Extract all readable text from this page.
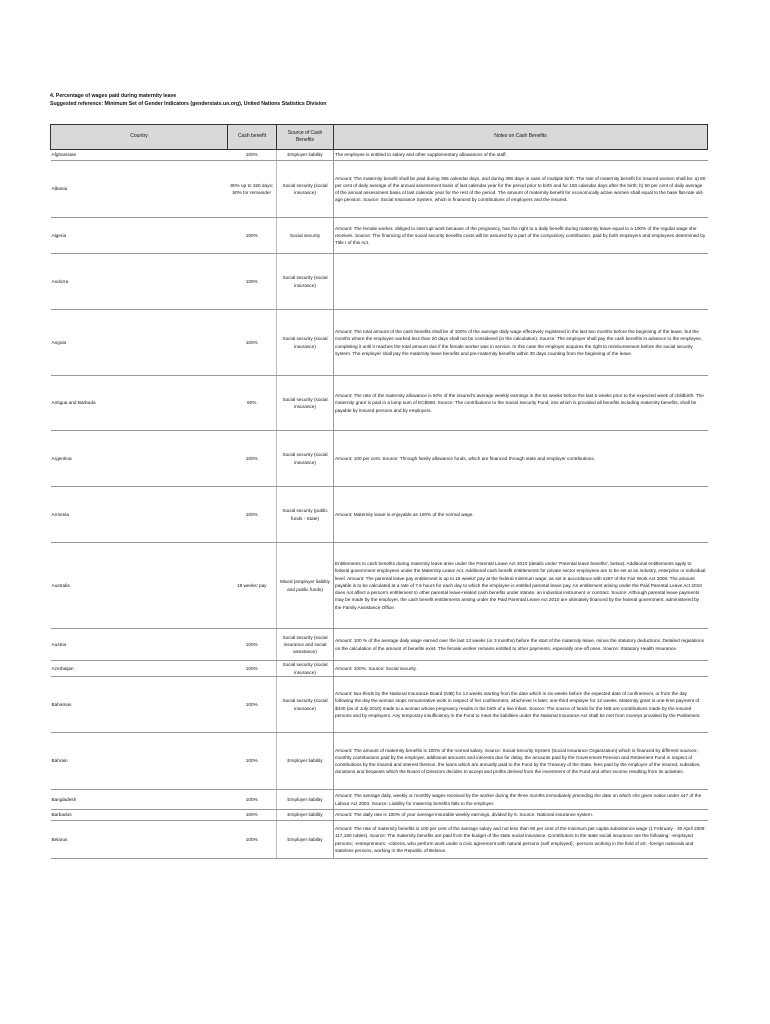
4. Percentage of wages paid during maternity leave
Suggested reference: Minimum Set of Gender Indicators (genderstats.un.org), United Nations Statistics Division
Country	Cash benefit	Source of Cash Benefits	Notes on Cash Benefits
Afghanistan	100%	Employer liability	The employee is entitled to salary and other supplementary allowances of the staff.
Albania	80% up to 150 days; 50% for remainder	Social security (social insurance)	Amount: The maternity benefit shall be paid during 365 calendar days, and during 390 days in case of multiple birth. The rate of maternity benefit for insured women shall be: a) 80 per cent of daily average of the annual assessment basis of last calendar year for the period prior to birth and for 150 calendar days after the birth; b) 50 per cent of daily average of the annual assessment basis of last calendar year for the rest of the period. The amount of maternity benefit for economically active women shall equal to the base flat-rate old-age pension. Source: Social Insurance System, which is financed by contributions of employers and the insured.
Algeria	100%	Social security	Amount: The female worker, obliged to interrupt work because of the pregnancy, has the right to a daily benefit during maternity leave equal to a 100% of the regular wage she receives. Source: The financing of the social security benefits costs will be assured by a part of the compulsory contribution, paid by both employers and employees determined by Title I of this Act.
Andorra	100%	Social security (social insurance)	
Angola	100%	Social security (social insurance)	Amount: The total amount of the cash benefits shall be of 100% of the average daily wage effectively registered in the last two months before the beginning of the leave, but the months where the employee worked less than 20 days shall not be considered (in the calculation). Source: The employer shall pay the cash benefits in advance to the employee, completing it until it reaches the total amount due if the female worker was in service. In this case the employer acquires the right to reimbursement before the social security system. The employer shall pay the maternity leave benefits and pre-maternity benefits within 30 days counting from the beginning of the leave.
Antigua and Barbuda	60%	Social security (social insurance)	Amount: The rate of the maternity allowance is 60% of the insured's average weekly earnings in the 52 weeks before the last 6 weeks prior to the expected week of childbirth. The maternity grant is paid in a lump sum of EC$560. Source: The contributions to the Social Security Fund, into which is provided all benefits including maternity benefits, shall be payable by insured persons and by employers.
Argentina	100%	Social security (social insurance)	Amount: 100 per cent. Source: Through family allowance funds, which are financed through state and employer contributions.
Armenia	100%	Social security (public funds - State)	Amount: Maternity leave is enjoyable as 100% of the normal wage.
Australia	18 weeks' pay	Mixed (employer liability and public funds)	Entitlements to cash benefits during maternity leave arise under the Parental Leave Act 2010 (details under 'Parental leave benefits', below). Additional entitlements apply to federal government employees under the Maternity Leave Act. Additional cash benefit entitlements for private sector employees are to be set at an industry, enterprise or individual level. Amount: The parental leave pay entitlement is up to 18 weeks' pay at the federal minimum wage, as set in accordance with s287 of the Fair Work Act 2009. The amount payable is to be calculated at a rate of 7.6 hours for each day to which the employee is entitled parental leave pay. An entitlement arising under the Paid Parental Leave Act 2010 does not affect a person's entitlement to other parental leave-related cash benefits under statute, an industrial instrument or contract. Source: Although parental leave payments may be made by the employer, the cash benefit entitlements arising under the Paid Parental Leave Act 2010 are ultimately financed by the federal government, administered by the Family Assistance Office.
Austria	100%	Social security (social insurance and social assistance)	Amount: 100 % of the average daily wage earned over the last 13 weeks (or 3 months) before the start of the maternity leave, minus the statutory deductions. Detailed regulations on the calculation of the amount of benefits exist. The female worker remains entitled to other payments, especially one-off ones. Source: Statutory Health Insurance.
Azerbaijan	100%	Social security (social insurance)	Amount: 100%. Source: Social security.
Bahamas	100%	Social security (social insurance)	Amount: two-thirds by the National Insurance Board (NIB) for 13 weeks starting from the date which is six weeks before the expected date of confinement, or from the day following the day the woman stops remunerative work in respect of her confinement, whichever is later; one-third employer for 12 weeks. Maternity grant is one-time payment of $430 (as of July 2010) made to a woman whose pregnancy results in the birth of a live infant. Source: The source of funds for the NIB are contributions made by the insured persons and by employers. Any temporary insufficiency in the Fund to meet the liabilities under the National Insurance Act shall be met from moneys provided by the Parliament.
Bahrain	100%	Employer liability	Amount: The amount of maternity benefits is 100% of the normal salary. Source: Social Security System (Social Insurance Organization) which is financed by different sources; monthly contributions paid by the employer, additional amounts and interests due for delay, the amounts paid by the Government Pension and Retirement Fund in respect of contributions by the insured and interest thereon, the loans which are annually paid to the Fund by the Treasury of the State, fees paid by the employer of the insured, subsidies, donations and bequests which the Board of Directors decides to accept and profits derived from the investment of the Fund and other income resulting from its activities.
Bangladesh	100%	Employer liability	Amount: The average daily, weekly or monthly wages received by the worker during the three months immediately preceding the date on which she gives notice under s47 of the Labour Act 2003. Source: Liability for maternity benefits falls to the employer.
Barbados	100%	Employer liability	Amount: The daily rate is 100% of your average insurable weekly earnings, divided by 6. Source: National insurance system.
Belarus	100%	Employer liability	Amount: The rate of maternity benefits is 100 per cent of the average salary and not less than 50 per cent of the minimum per capita subsistence wage (1 February - 30 April 2009: 117,190 rubles). Source: The maternity benefits are paid from the budget of the state social insurance. Contributors to the state social insurance are the following: -employed persons; -entrepreneurs; -citizens, who perform work under a civic agreement with natural persons (self employed); -persons working in the field of art; -foreign nationals and stateless persons, working in the Republic of Belarus.
